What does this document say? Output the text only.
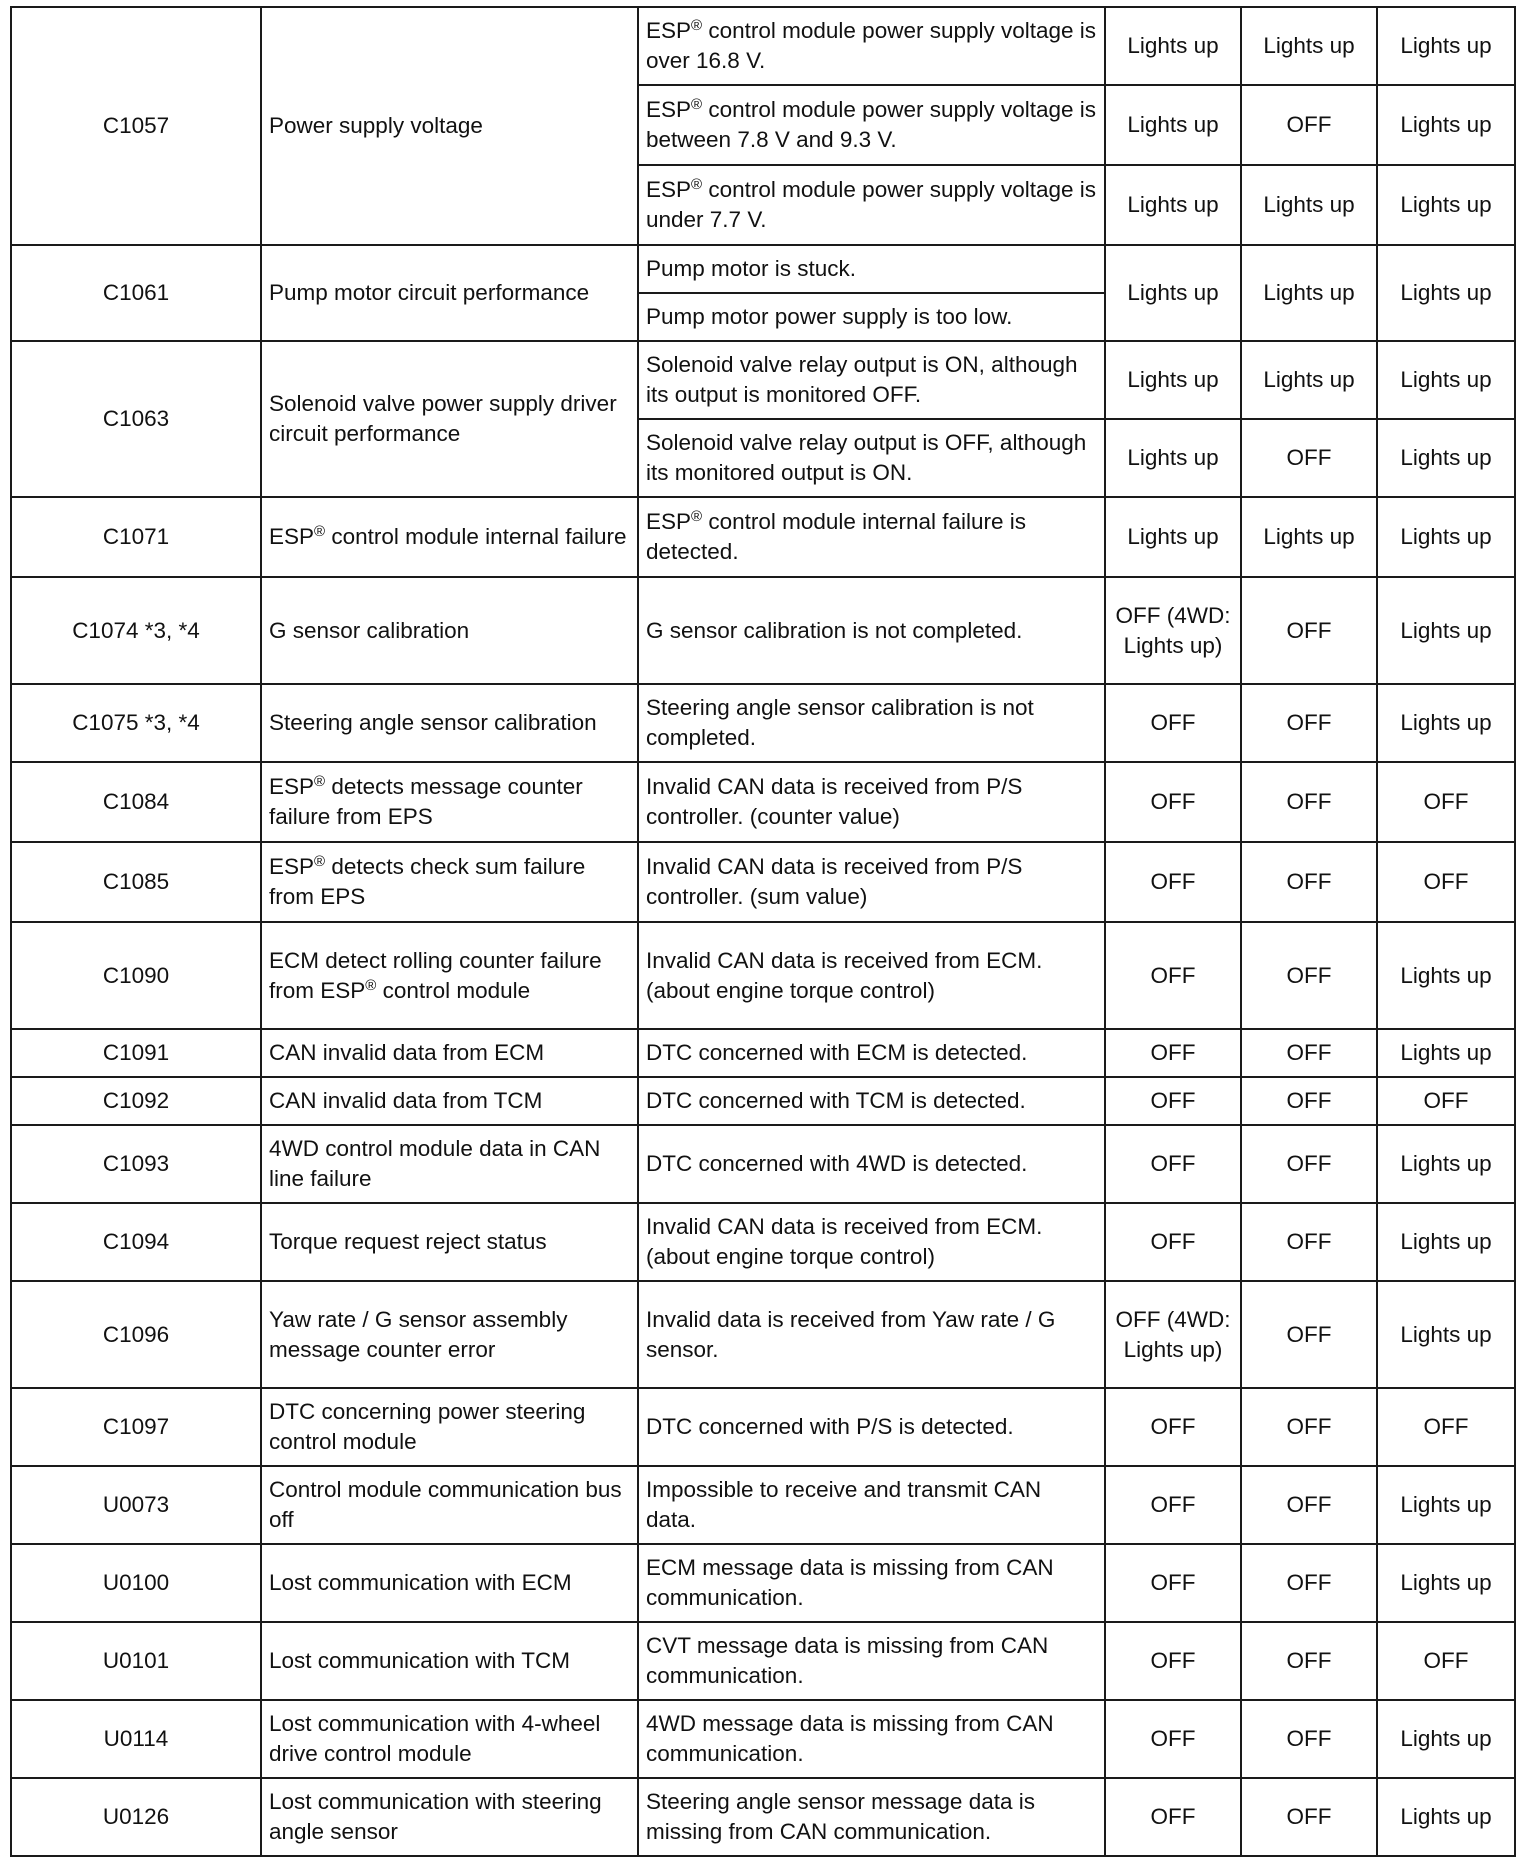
C1057	Power supply voltage	ESP® control module power supply voltage is over 16.8 V.	Lights up	Lights up	Lights up
		ESP® control module power supply voltage is between 7.8 V and 9.3 V.	Lights up	OFF	Lights up
		ESP® control module power supply voltage is under 7.7 V.	Lights up	Lights up	Lights up
C1061	Pump motor circuit performance	Pump motor is stuck.	Lights up	Lights up	Lights up
		Pump motor power supply is too low.			
C1063	Solenoid valve power supply driver circuit performance	Solenoid valve relay output is ON, although its output is monitored OFF.	Lights up	Lights up	Lights up
		Solenoid valve relay output is OFF, although its monitored output is ON.	Lights up	OFF	Lights up
C1071	ESP® control module internal failure	ESP® control module internal failure is detected.	Lights up	Lights up	Lights up
C1074 *3, *4	G sensor calibration	G sensor calibration is not completed.	OFF (4WD: Lights up)	OFF	Lights up
C1075 *3, *4	Steering angle sensor calibration	Steering angle sensor calibration is not completed.	OFF	OFF	Lights up
C1084	ESP® detects message counter failure from EPS	Invalid CAN data is received from P/S controller. (counter value)	OFF	OFF	OFF
C1085	ESP® detects check sum failure from EPS	Invalid CAN data is received from P/S controller. (sum value)	OFF	OFF	OFF
C1090	ECM detect rolling counter failure from ESP® control module	Invalid CAN data is received from ECM. (about engine torque control)	OFF	OFF	Lights up
C1091	CAN invalid data from ECM	DTC concerned with ECM is detected.	OFF	OFF	Lights up
C1092	CAN invalid data from TCM	DTC concerned with TCM is detected.	OFF	OFF	OFF
C1093	4WD control module data in CAN line failure	DTC concerned with 4WD is detected.	OFF	OFF	Lights up
C1094	Torque request reject status	Invalid CAN data is received from ECM. (about engine torque control)	OFF	OFF	Lights up
C1096	Yaw rate / G sensor assembly message counter error	Invalid data is received from Yaw rate / G sensor.	OFF (4WD: Lights up)	OFF	Lights up
C1097	DTC concerning power steering control module	DTC concerned with P/S is detected.	OFF	OFF	OFF
U0073	Control module communication bus off	Impossible to receive and transmit CAN data.	OFF	OFF	Lights up
U0100	Lost communication with ECM	ECM message data is missing from CAN communication.	OFF	OFF	Lights up
U0101	Lost communication with TCM	CVT message data is missing from CAN communication.	OFF	OFF	OFF
U0114	Lost communication with 4-wheel drive control module	4WD message data is missing from CAN communication.	OFF	OFF	Lights up
U0126	Lost communication with steering angle sensor	Steering angle sensor message data is missing from CAN communication.	OFF	OFF	Lights up
